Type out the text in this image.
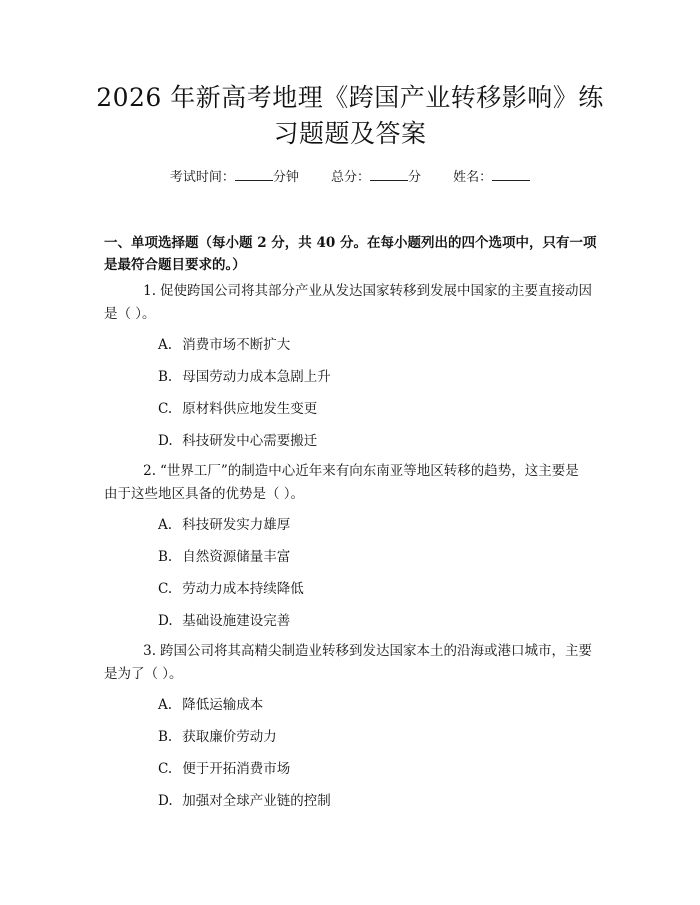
2026 年新高考地理《跨国产业转移影响》练
习题题及答案
考试时间：	分钟 总分：	分 姓名：
一、单项选择题（每小题 2 分，共 40 分。在每小题列出的四个选项中，只有一项是最符合题目要求的。）
1. 促使跨国公司将其部分产业从发达国家转移到发展中国家的主要直接动因
是（ ）。
A. 消费市场不断扩大
B. 母国劳动力成本急剧上升
C. 原材料供应地发生变更
D. 科技研发中心需要搬迁
2. “世界工厂”的制造中心近年来有向东南亚等地区转移的趋势，这主要是
由于这些地区具备的优势是（ ）。
A. 科技研发实力雄厚
B. 自然资源储量丰富
C. 劳动力成本持续降低
D. 基础设施建设完善
3. 跨国公司将其高精尖制造业转移到发达国家本土的沿海或港口城市，主要
是为了（ ）。
A. 降低运输成本
B. 获取廉价劳动力
C. 便于开拓消费市场
D. 加强对全球产业链的控制
